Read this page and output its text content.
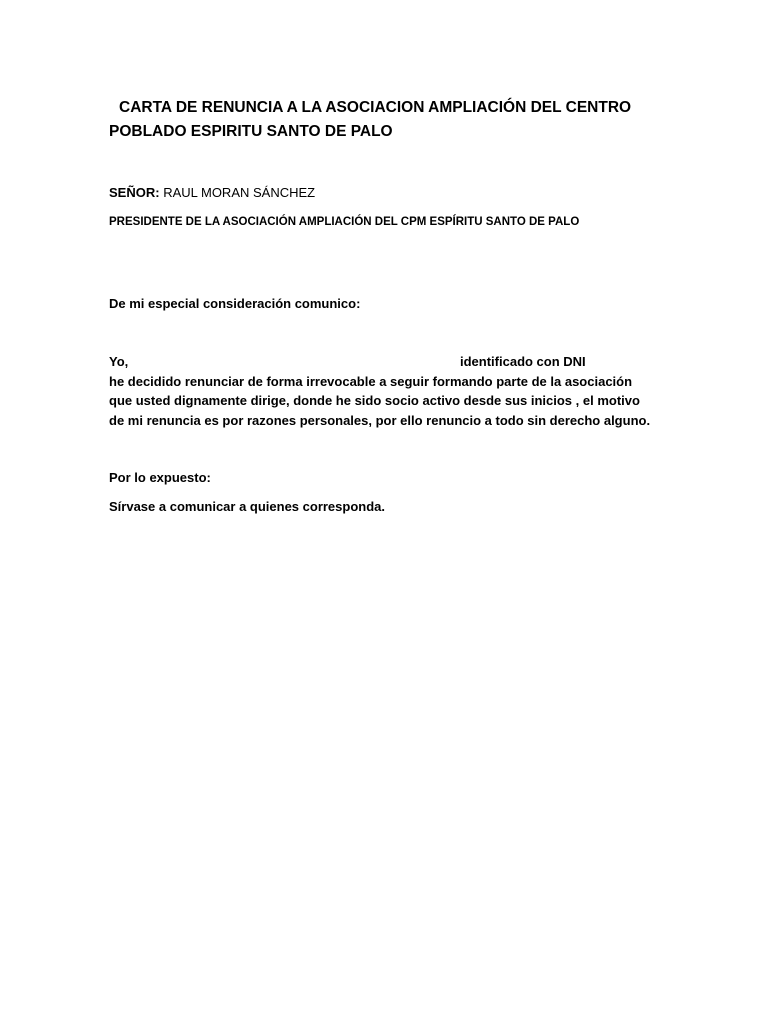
CARTA DE RENUNCIA A LA ASOCIACION AMPLIACIÓN DEL CENTRO
POBLADO ESPIRITU SANTO DE PALO

SEÑOR: RAUL MORAN SÁNCHEZ

PRESIDENTE DE LA ASOCIACIÓN AMPLIACIÓN DEL CPM ESPÍRITU SANTO DE PALO

De mi especial consideración comunico:

Yo,	identificado con DNI
he decidido renunciar de forma irrevocable a seguir formando parte de la asociación
que usted dignamente dirige, donde he sido socio activo desde sus inicios , el motivo
de mi renuncia es por razones personales, por ello renuncio a todo sin derecho alguno.

Por lo expuesto:

Sírvase a comunicar a quienes corresponda.
